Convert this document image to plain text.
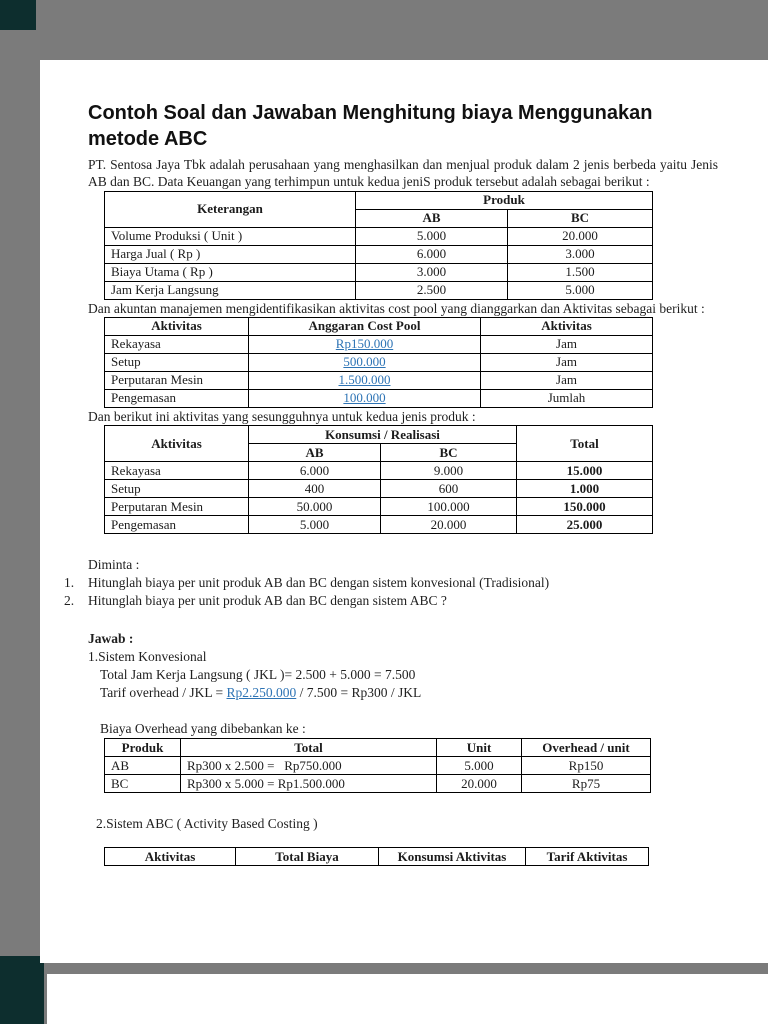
Contoh Soal dan Jawaban Menghitung biaya Menggunakan metode ABC

PT. Sentosa Jaya Tbk adalah perusahaan yang menghasilkan dan menjual produk dalam 2 jenis berbeda yaitu Jenis AB dan BC. Data Keuangan yang terhimpun untuk kedua jeniS produk tersebut adalah sebagai berikut :

Keterangan	Produk	
	AB	BC
Volume Produksi ( Unit )	5.000	20.000
Harga Jual ( Rp )	6.000	3.000
Biaya Utama ( Rp )	3.000	1.500
Jam Kerja Langsung	2.500	5.000

Dan akuntan manajemen mengidentifikasikan aktivitas cost pool yang dianggarkan dan Aktivitas sebagai berikut :

Aktivitas	Anggaran Cost Pool	Aktivitas
Rekayasa	Rp150.000	Jam
Setup	500.000	Jam
Perputaran Mesin	1.500.000	Jam
Pengemasan	100.000	Jumlah

Dan berikut ini aktivitas yang sesungguhnya untuk kedua jenis produk :

Aktivitas	Konsumsi / Realisasi		Total
	AB	BC	
Rekayasa	6.000	9.000	15.000
Setup	400	600	1.000
Perputaran Mesin	50.000	100.000	150.000
Pengemasan	5.000	20.000	25.000
Diminta :
1. Hitunglah biaya per unit produk AB dan BC dengan sistem konvesional (Tradisional)
2. Hitunglah biaya per unit produk AB dan BC dengan sistem ABC ?
Jawab :
1.Sistem Konvesional
Total Jam Kerja Langsung ( JKL )= 2.500 + 5.000 = 7.500
Tarif overhead / JKL = Rp2.250.000 / 7.500 = Rp300 / JKL
Biaya Overhead yang dibebankan ke :
Produk	Total	Unit	Overhead / unit
AB	Rp300 x 2.500 =   Rp750.000	5.000	Rp150
BC	Rp300 x 5.000 = Rp1.500.000	20.000	Rp75
2.Sistem ABC ( Activity Based Costing )
Aktivitas	Total Biaya	Konsumsi Aktivitas	Tarif Aktivitas
